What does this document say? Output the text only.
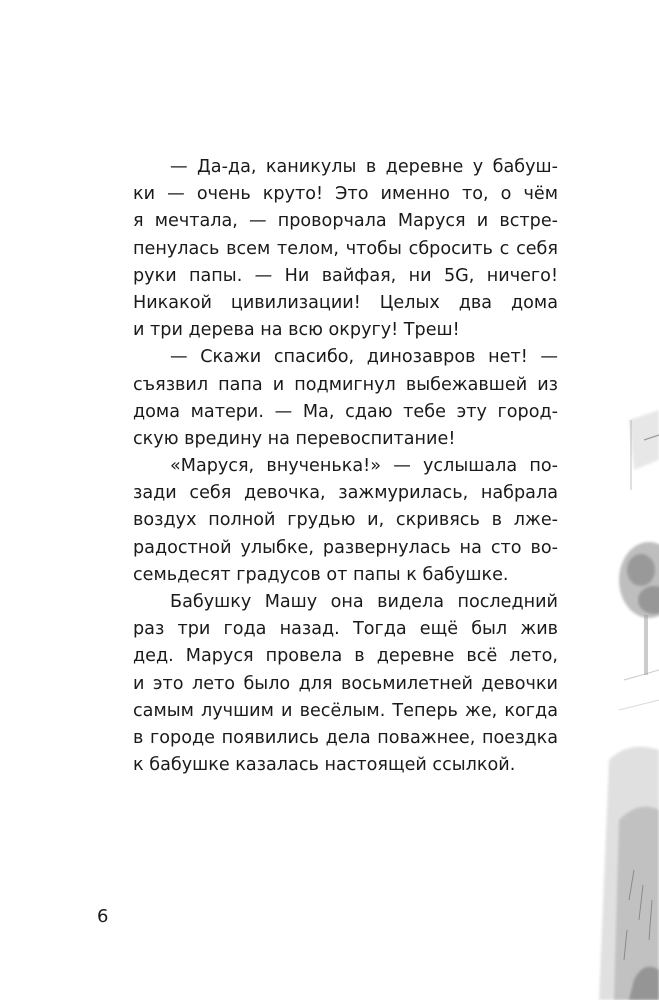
— Да-да, каникулы в деревне у бабуш-
ки — очень круто! Это именно то, о чём
я мечтала, — проворчала Маруся и встре-
пенулась всем телом, чтобы сбросить с себя
руки папы. — Ни вайфая, ни 5G, ничего!
Никакой цивилизации! Целых два дома
и три дерева на всю округу! Треш!
— Скажи спасибо, динозавров нет! —
съязвил папа и подмигнул выбежавшей из
дома матери. — Ма, сдаю тебе эту город-
скую вредину на перевоспитание!
«Маруся, внученька!» — услышала по-
зади себя девочка, зажмурилась, набрала
воздух полной грудью и, скривясь в лже-
радостной улыбке, развернулась на сто во-
семьдесят градусов от папы к бабушке.
Бабушку Машу она видела последний
раз три года назад. Тогда ещё был жив
дед. Маруся провела в деревне всё лето,
и это лето было для восьмилетней девочки
самым лучшим и весёлым. Теперь же, когда
в городе появились дела поважнее, поездка
к бабушке казалась настоящей ссылкой.
6
